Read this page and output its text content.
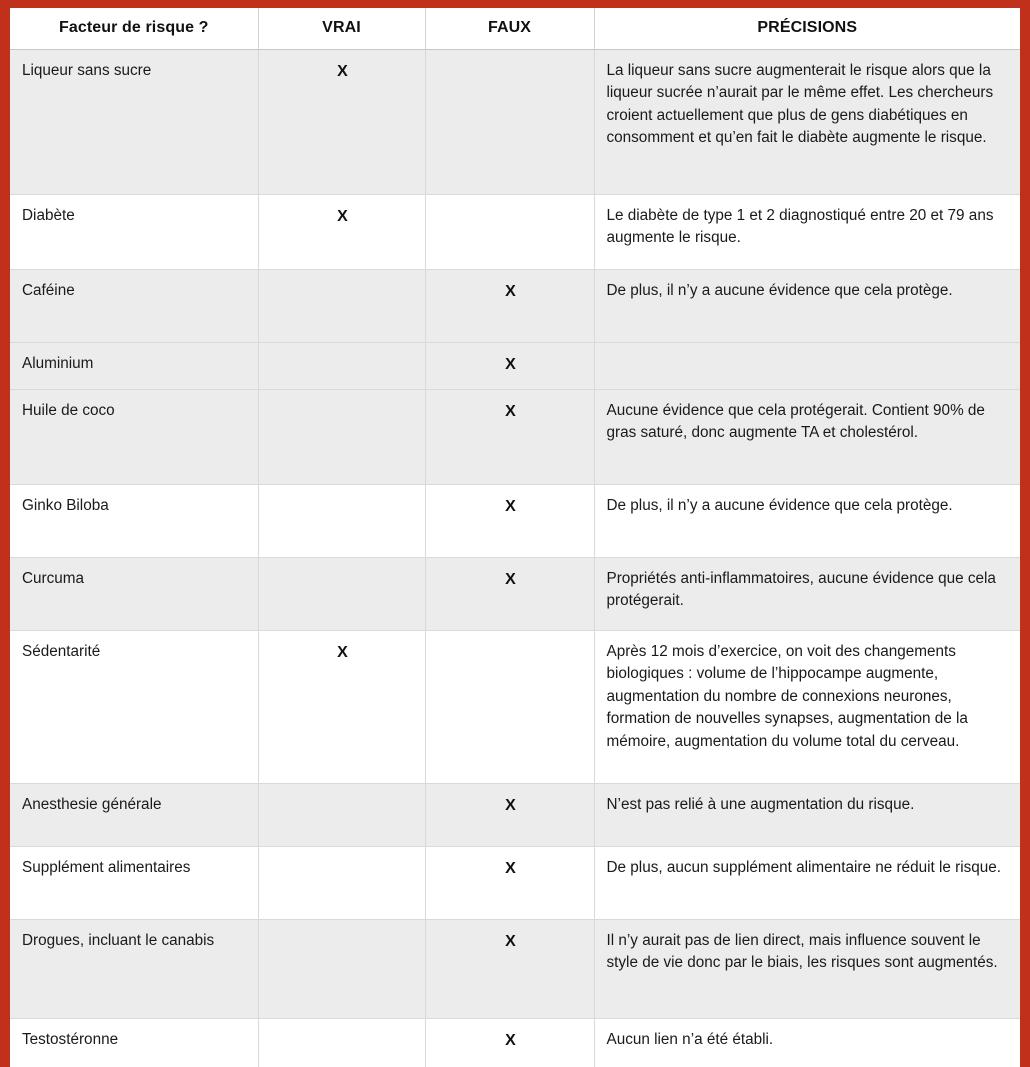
Facteur de risque ?	VRAI	FAUX	PRÉCISIONS
Liqueur sans sucre	X		La liqueur sans sucre augmenterait le risque alors que la liqueur sucrée n’aurait par le même effet. Les chercheurs croient actuellement que plus de gens diabétiques en consomment et qu’en fait le diabète augmente le risque.
Diabète	X		Le diabète de type 1 et 2 diagnostiqué entre 20 et 79 ans augmente le risque.
Caféine		X	De plus, il n’y a aucune évidence que cela protège.
Aluminium		X	
Huile de coco		X	Aucune évidence que cela protégerait. Contient 90% de gras saturé, donc augmente TA et cholestérol.
Ginko Biloba		X	De plus, il n’y a aucune évidence que cela protège.
Curcuma		X	Propriétés anti-inflammatoires, aucune évidence que cela protégerait.
Sédentarité	X		Après 12 mois d’exercice, on voit des changements biologiques : volume de l’hippocampe augmente, augmentation du nombre de connexions neurones, formation de nouvelles synapses, augmentation de la mémoire, augmentation du volume total du cerveau.
Anesthesie générale		X	N’est pas relié à une augmentation du risque.
Supplément alimentaires		X	De plus, aucun supplément alimentaire ne réduit le risque.
Drogues, incluant le canabis		X	Il n’y aurait pas de lien direct, mais influence souvent le style de vie donc par le biais, les risques sont augmentés.
Testostéronne		X	Aucun lien n’a été établi.
